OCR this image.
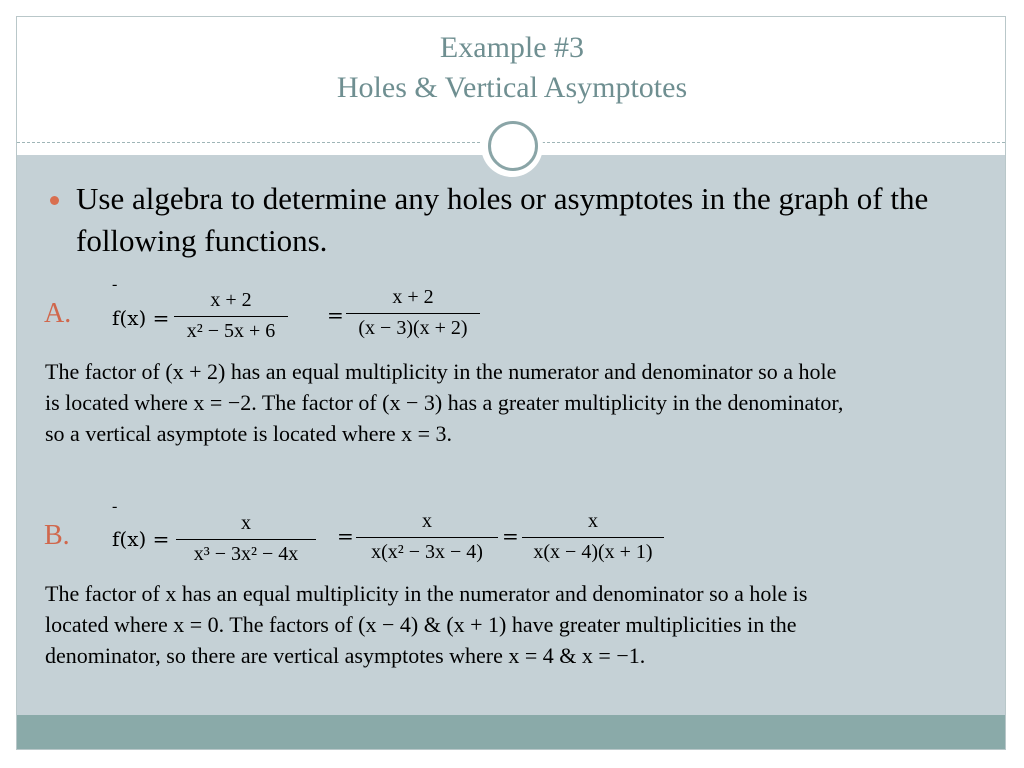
Example #3
Holes & Vertical Asymptotes
Use algebra to determine any holes or asymptotes in the graph of the following functions.
-
A. f(x) =
x + 2
x² − 5x + 6
=
x + 2
(x − 3)(x + 2)
The factor of (x + 2) has an equal multiplicity in the numerator and denominator so a hole is located where x = −2. The factor of (x − 3) has a greater multiplicity in the denominator, so a vertical asymptote is located where x = 3.
-
B. f(x) =
x
x³ − 3x² − 4x
=
x
x(x² − 3x − 4)
=
x
x(x − 4)(x + 1)
The factor of x has an equal multiplicity in the numerator and denominator so a hole is located where x = 0. The factors of (x − 4) & (x + 1) have greater multiplicities in the denominator, so there are vertical asymptotes where x = 4 & x = −1.
